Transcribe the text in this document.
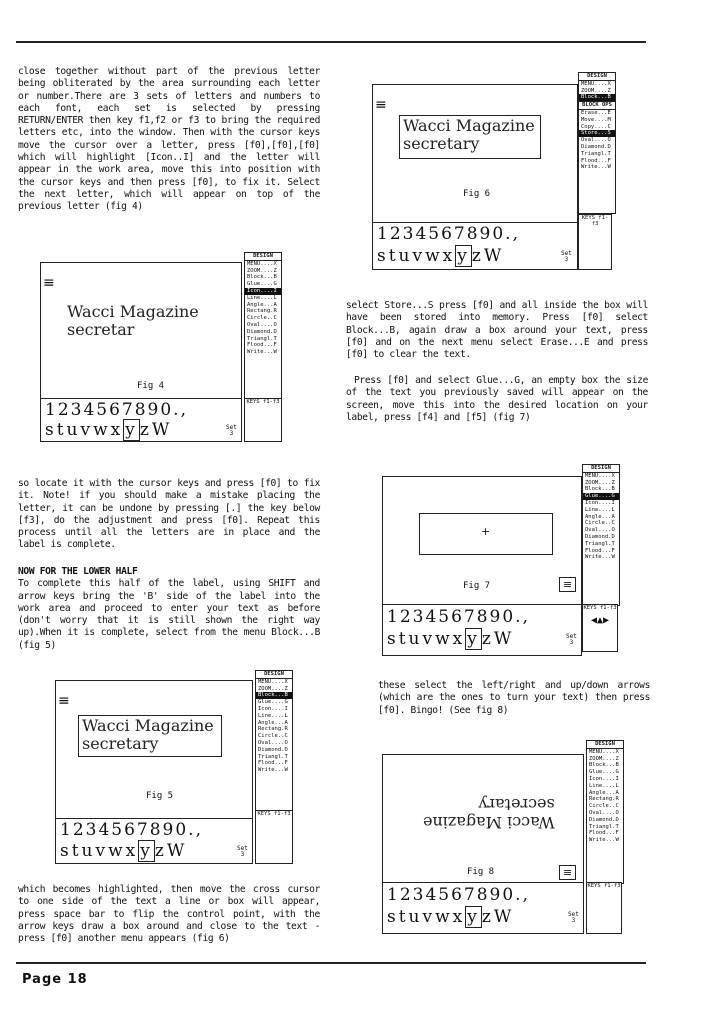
close together without part of the previous letter being obliterated by the area surrounding each letter or number.There are 3 sets of letters and numbers to each font, each set is selected by pressing RETURN/ENTER then key f1,f2 or f3 to bring the required letters etc, into the window. Then with the cursor keys move the cursor over a letter, press [f0],[f0],[f0] which will highlight [Icon..I] and the letter will appear in the work area, move this into position with the cursor keys and then press [f0], to fix it. Select the next letter, which will appear on top of the previous letter (fig 4)

≡
Wacci Magazine
secretar
Fig 4
DESIGN
MENU....X
ZOOM....Z
Block...B
Glue....G
Icon....I
Line....L
Angle...A
Rectang.R
Circle..C
Oval....O
Diamond.D
Triangl.T
Flood...F
Write...W
1234567890.,
stuvwx y zW	Set
3
KEYS f1-f3

so locate it with the cursor keys and press [f0] to fix it. Note! if you should make a mistake placing the letter, it can be undone by pressing [.] the key below [f3], do the adjustment and press [f0]. Repeat this process until all the letters are in place and the label is complete.

NOW FOR THE LOWER HALF
To complete this half of the label, using SHIFT and arrow keys bring the 'B' side of the label into the work area and proceed to enter your text as before (don't worry that it is still shown the right way up).When it is complete, select from the menu Block...B (fig 5)

≡
Wacci Magazine
secretary
Fig 5
DESIGN
MENU....X
ZOOM....Z
Block...B
Glue....G
Icon....I
Line....L
Angle...A
Rectang.R
Circle..C
Oval....O
Diamond.D
Triangl.T
Flood...F
Write...W
1234567890.,
stuvwx y zW	Set
3
KEYS f1-f3

which becomes highlighted, then move the cross cursor to one side of the text a line or box will appear, press space bar to flip the control point, with the arrow keys draw a box around and close to the text - press [f0] another menu appears (fig 6)

≡
Wacci Magazine
secretary
Fig 6
DESIGN
MENU....X
ZOOM....Z
Block...B
BLOCK OPS
Erase...E
Move....M
Copy....C
Store...S
Oval....O
Diamond.D
Triangl.T
Flood...F
Write...W
1234567890.,
stuvwx y zW	Set
3
KEYS f1-f3

select Store...S press [f0] and all inside the box will have been stored into memory. Press [f0] select Block...B, again draw a box around your text, press [f0] and on the next menu select Erase...E and press [f0] to clear the text.

Press [f0] and select Glue...G, an empty box the size of the text you previously saved will appear on the screen, move this into the desired location on your label, press [f4] and [f5] (fig 7)

+
Fig 7	≡
DESIGN
MENU....X
ZOOM....Z
Block...B
Glue....G
Icon....I
Line....L
Angle...A
Circle..C
Oval....O
Diamond.D
Triangl.T
Flood...F
Write...W
1234567890.,
stuvwx y zW	Set
3
KEYS f1-f3
◀▲▶

these select the left/right and up/down arrows (which are the ones to turn your text) then press [f0]. Bingo! (See fig 8)

Wacci Magazine
secretary
Fig 8	≡
DESIGN
MENU....X
ZOOM....Z
Block...B
Glue....G
Icon....I
Line....L
Angle...A
Rectang.R
Circle..C
Oval....O
Diamond.D
Triangl.T
Flood...F
Write...W
1234567890.,
stuvwx y zW	Set
3
KEYS f1-f3
Page 18
